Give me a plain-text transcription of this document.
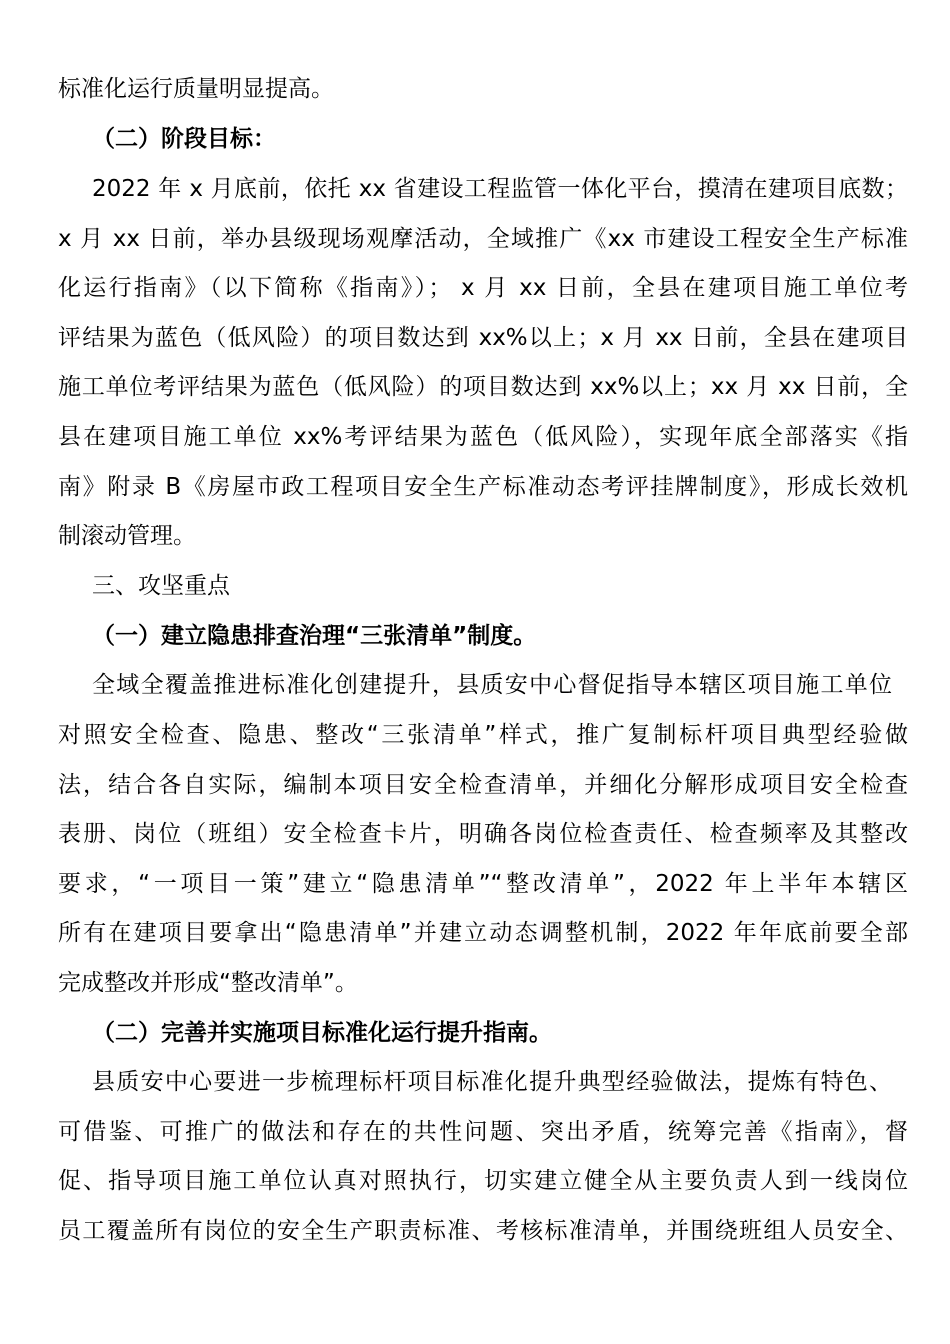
标准化运行质量明显提高。
（二）阶段目标：
2022 年 x 月底前，依托 xx 省建设工程监管一体化平台，摸清在建项目底数；
x 月 xx 日前，举办县级现场观摩活动，全域推广《xx 市建设工程安全生产标准
化运行指南》（以下简称《指南》）； x 月 xx 日前，全县在建项目施工单位考
评结果为蓝色（低风险）的项目数达到 xx%以上；x 月 xx 日前，全县在建项目
施工单位考评结果为蓝色（低风险）的项目数达到 xx%以上；xx 月 xx 日前，全
县在建项目施工单位 xx%考评结果为蓝色（低风险），实现年底全部落实《指
南》附录 B《房屋市政工程项目安全生产标准动态考评挂牌制度》，形成长效机
制滚动管理。
三、攻坚重点
（一）建立隐患排查治理“三张清单”制度。
全域全覆盖推进标准化创建提升，县质安中心督促指导本辖区项目施工单位
对照安全检查、隐患、整改“三张清单”样式，推广复制标杆项目典型经验做
法，结合各自实际，编制本项目安全检查清单，并细化分解形成项目安全检查
表册、岗位（班组）安全检查卡片，明确各岗位检查责任、检查频率及其整改
要求，“一项目一策”建立“隐患清单”“整改清单”，2022 年上半年本辖区
所有在建项目要拿出“隐患清单”并建立动态调整机制，2022 年年底前要全部
完成整改并形成“整改清单”。
（二）完善并实施项目标准化运行提升指南。
县质安中心要进一步梳理标杆项目标准化提升典型经验做法，提炼有特色、
可借鉴、可推广的做法和存在的共性问题、突出矛盾，统筹完善《指南》，督
促、指导项目施工单位认真对照执行，切实建立健全从主要负责人到一线岗位
员工覆盖所有岗位的安全生产职责标准、考核标准清单，并围绕班组人员安全、
